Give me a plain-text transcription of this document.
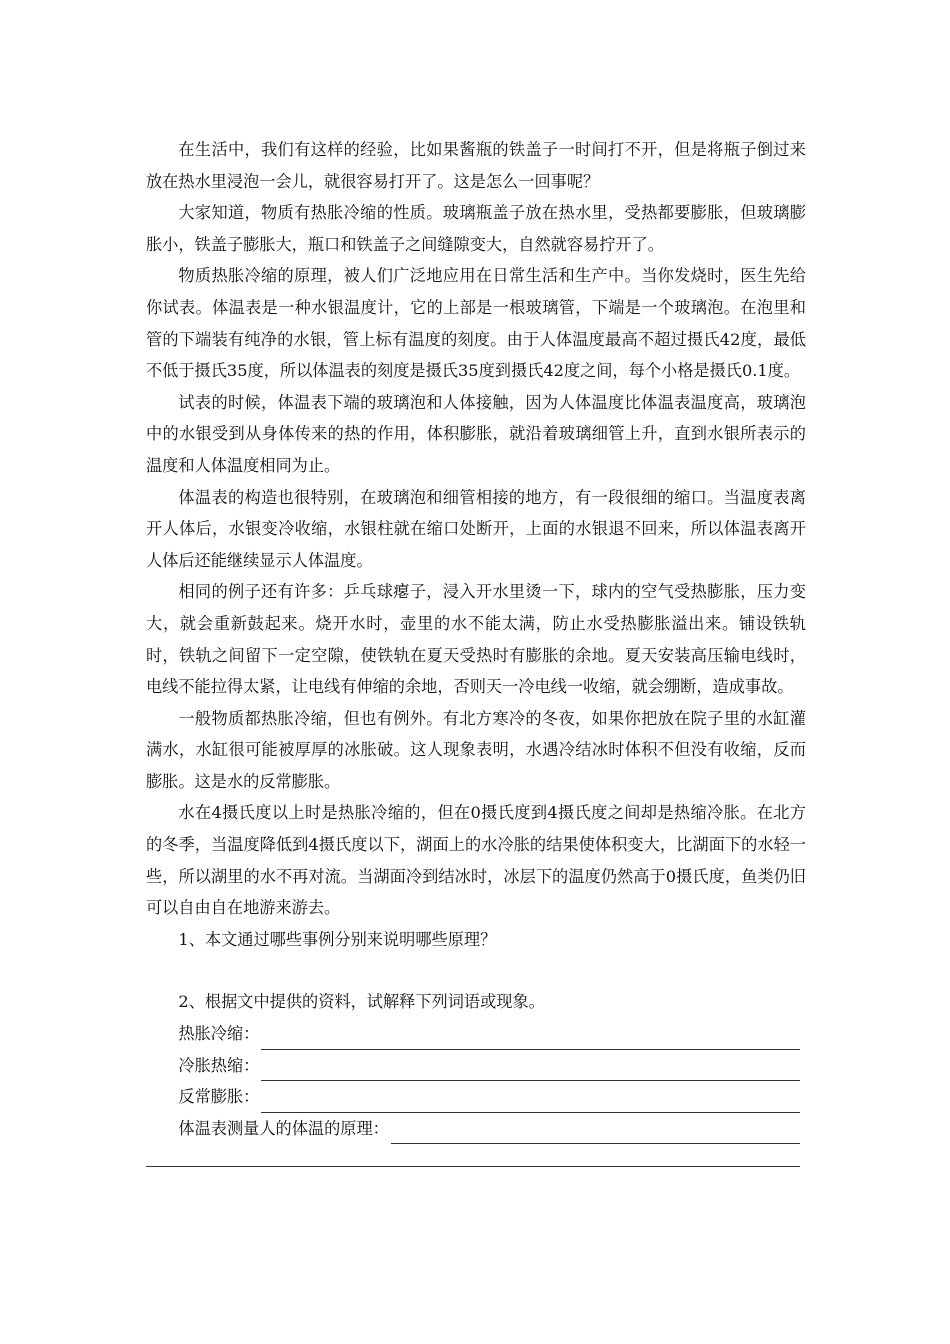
在生活中，我们有这样的经验，比如果酱瓶的铁盖子一时间打不开，但是将瓶子倒过来放在热水里浸泡一会儿，就很容易打开了。这是怎么一回事呢？

大家知道，物质有热胀冷缩的性质。玻璃瓶盖子放在热水里，受热都要膨胀，但玻璃膨胀小，铁盖子膨胀大，瓶口和铁盖子之间缝隙变大，自然就容易拧开了。

物质热胀冷缩的原理，被人们广泛地应用在日常生活和生产中。当你发烧时，医生先给你试表。体温表是一种水银温度计，它的上部是一根玻璃管，下端是一个玻璃泡。在泡里和管的下端装有纯净的水银，管上标有温度的刻度。由于人体温度最高不超过摄氏42度，最低不低于摄氏35度，所以体温表的刻度是摄氏35度到摄氏42度之间，每个小格是摄氏0.1度。

试表的时候，体温表下端的玻璃泡和人体接触，因为人体温度比体温表温度高，玻璃泡中的水银受到从身体传来的热的作用，体积膨胀，就沿着玻璃细管上升，直到水银所表示的温度和人体温度相同为止。

体温表的构造也很特别，在玻璃泡和细管相接的地方，有一段很细的缩口。当温度表离开人体后，水银变冷收缩，水银柱就在缩口处断开，上面的水银退不回来，所以体温表离开人体后还能继续显示人体温度。

相同的例子还有许多：乒乓球瘪子，浸入开水里烫一下，球内的空气受热膨胀，压力变大，就会重新鼓起来。烧开水时，壶里的水不能太满，防止水受热膨胀溢出来。铺设铁轨时，铁轨之间留下一定空隙，使铁轨在夏天受热时有膨胀的余地。夏天安装高压输电线时，电线不能拉得太紧，让电线有伸缩的余地，否则天一冷电线一收缩，就会绷断，造成事故。

一般物质都热胀冷缩，但也有例外。有北方寒冷的冬夜，如果你把放在院子里的水缸灌满水，水缸很可能被厚厚的冰胀破。这人现象表明，水遇冷结冰时体积不但没有收缩，反而膨胀。这是水的反常膨胀。

水在4摄氏度以上时是热胀冷缩的，但在0摄氏度到4摄氏度之间却是热缩冷胀。在北方的冬季，当温度降低到4摄氏度以下，湖面上的水冷胀的结果使体积变大，比湖面下的水轻一些，所以湖里的水不再对流。当湖面冷到结冰时，冰层下的温度仍然高于0摄氏度，鱼类仍旧可以自由自在地游来游去。

1、本文通过哪些事例分别来说明哪些原理？

2、根据文中提供的资料，试解释下列词语或现象。

热胀冷缩：
冷胀热缩：
反常膨胀：
体温表测量人的体温的原理：
